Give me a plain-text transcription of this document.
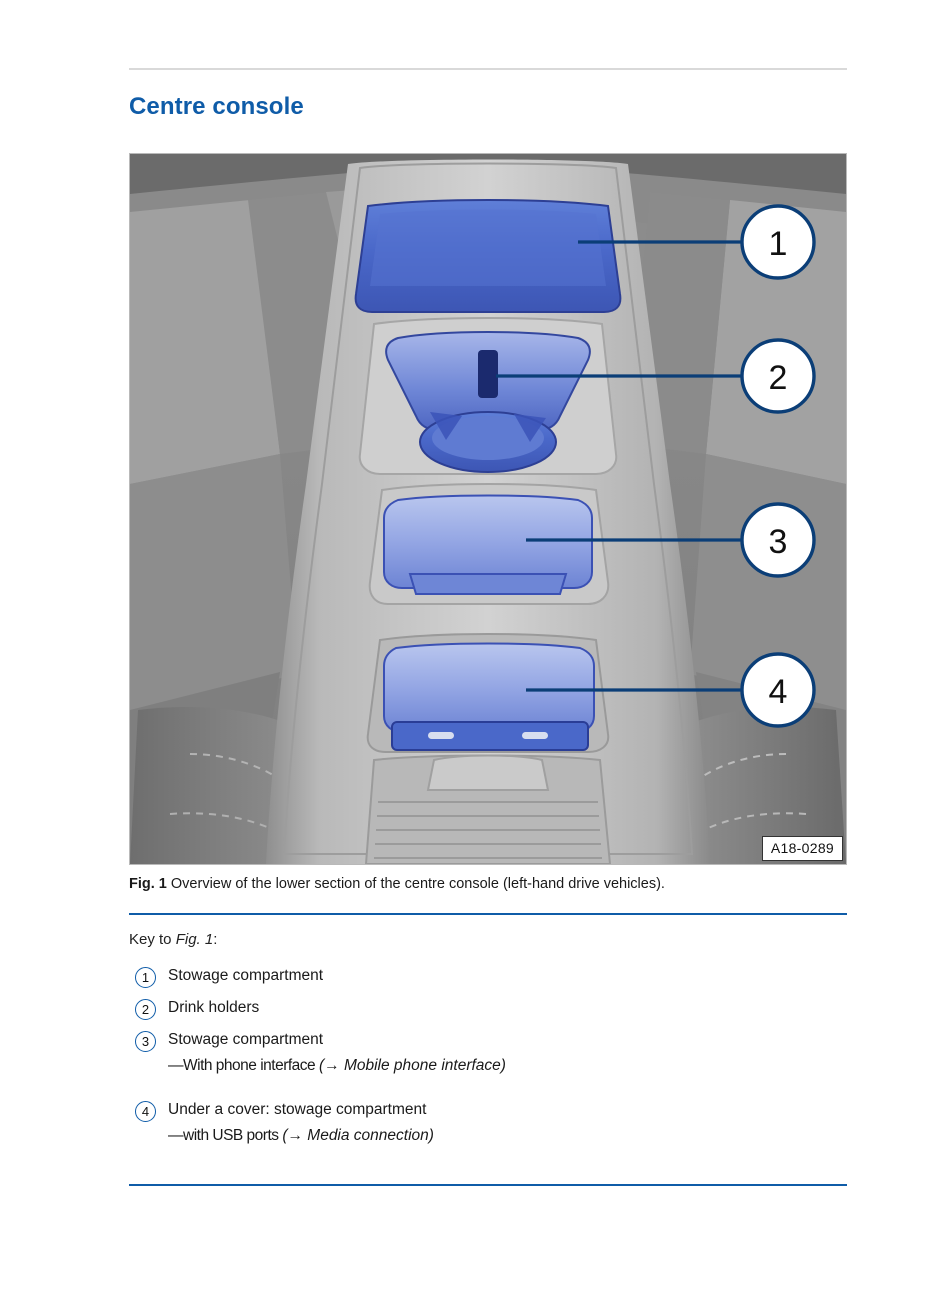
Centre console
1
2
3
4
A18-0289
Fig. 1 Overview of the lower section of the centre console (left-hand drive vehicles).
Key to Fig. 1:
1	Stowage compartment
2	Drink holders
3	Stowage compartment
—With phone interface (→ Mobile phone interface)
4	Under a cover: stowage compartment
—with USB ports (→ Media connection)
